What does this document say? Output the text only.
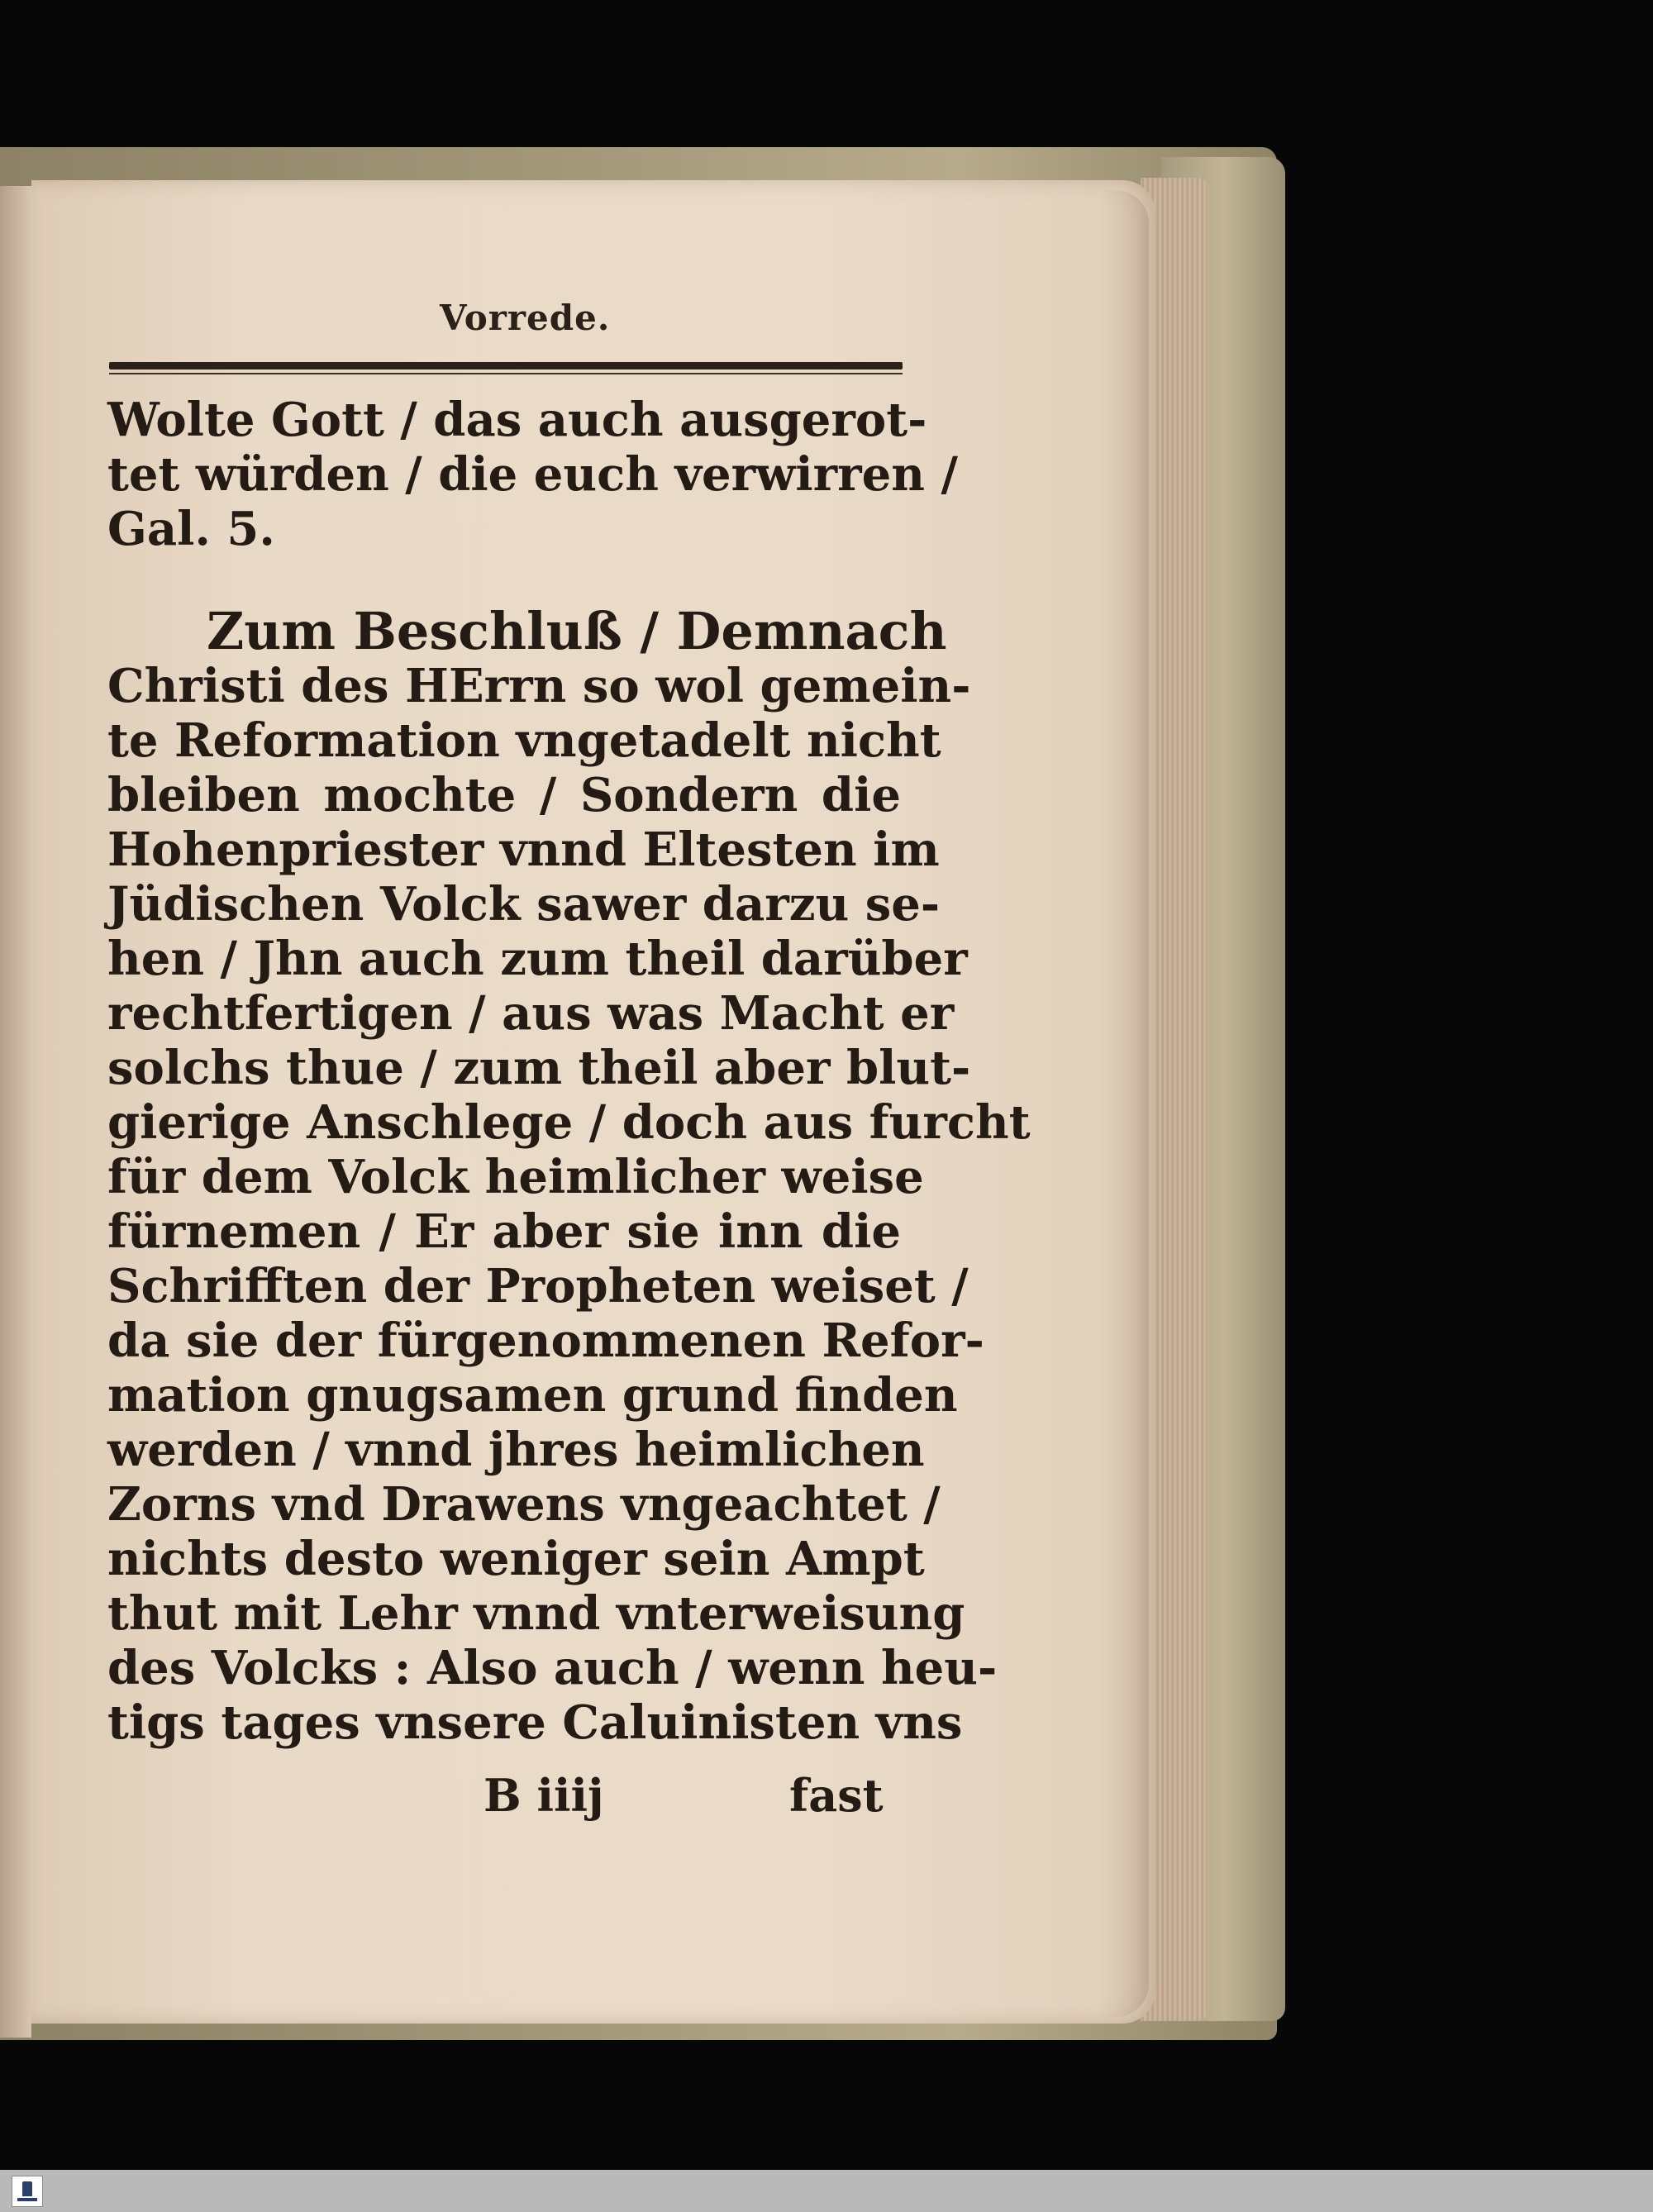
Vorrede.
Wolte Gott / das auch ausgerot-
tet würden / die euch verwirren /
Gal. 5.
Zum Beschluß / Demnach
Christi des HErrn so wol gemein-
te Reformation vngetadelt nicht
bleiben mochte / Sondern die
Hohenpriester vnnd Eltesten im
Jüdischen Volck sawer darzu se-
hen / Jhn auch zum theil darüber
rechtfertigen / aus was Macht er
solchs thue / zum theil aber blut-
gierige Anschlege / doch aus furcht
für dem Volck heimlicher weise
fürnemen / Er aber sie inn die
Schrifften der Propheten weiset /
da sie der fürgenommenen Refor-
mation gnugsamen grund finden
werden / vnnd jhres heimlichen
Zorns vnd Drawens vngeachtet /
nichts desto weniger sein Ampt
thut mit Lehr vnnd vnterweisung
des Volcks : Also auch / wenn heu-
tigs tages vnsere Caluinisten vns
B iiij	fast
